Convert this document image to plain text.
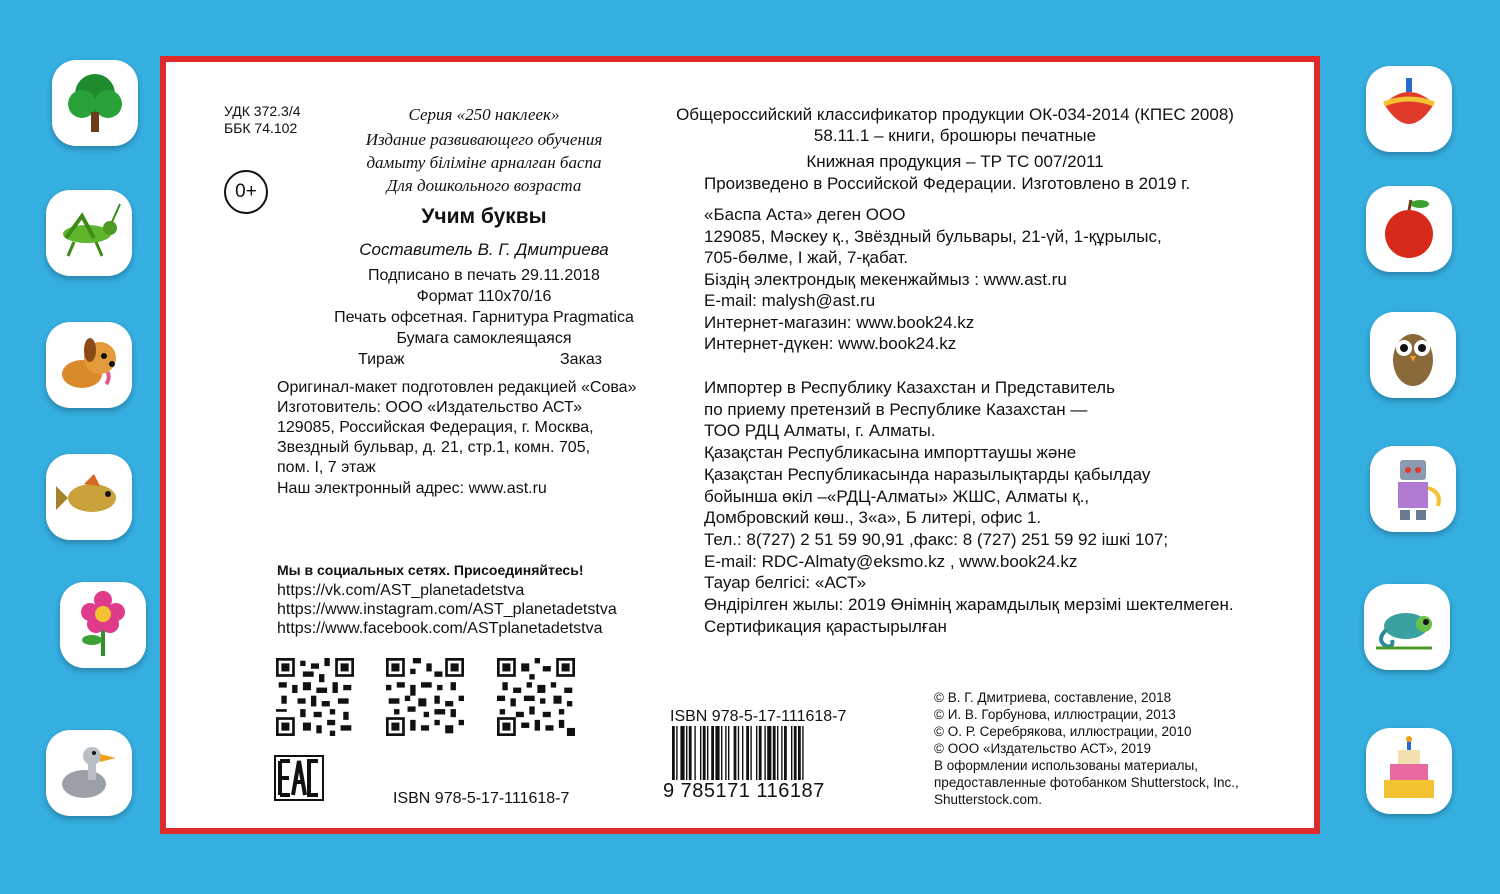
УДК 372.3/4
ББК 74.102
0+
Серия «250 наклеек»
Издание развивающего обучения
дамыту біліміне арналған баспа
Для дошкольного возраста
Учим буквы
Составитель В. Г. Дмитриева
Подписано в печать 29.11.2018
Формат 110х70/16
Печать офсетная. Гарнитура Pragmatica
Бумага самоклеящаяся
Тираж	Заказ
Оригинал-макет подготовлен редакцией «Сова»
Изготовитель: ООО «Издательство АСТ»
129085, Российская Федерация, г. Москва,
Звездный бульвар, д. 21, стр.1, комн. 705,
пом. I, 7 этаж
Наш электронный адрес: www.ast.ru
Мы в социальных сетях. Присоединяйтесь!
https://vk.com/AST_planetadetstva
https://www.instagram.com/AST_planetadetstva
https://www.facebook.com/ASTplanetadetstva
ISBN 978-5-17-111618-7
Общероссийский классификатор продукции ОК-034-2014 (КПЕС 2008)
58.11.1 – книги, брошюры печатные
Книжная продукция – ТР ТС 007/2011
Произведено в Российской Федерации. Изготовлено в 2019 г.
«Баспа Аста» деген ООО
129085, Мәскеу қ., Звёздный бульвары, 21-үй, 1-құрылыс,
705-бөлме, I жай, 7-қабат.
Біздің электрондық мекенжаймыз : www.ast.ru
E-mail: malysh@ast.ru
Интернет-магазин: www.book24.kz
Интернет-дүкен: www.book24.kz
Импортер в Республику Казахстан и Представитель
по приему претензий в Республике Казахстан —
ТОО РДЦ Алматы, г. Алматы.
Қазақстан Республикасына импорттаушы және
Қазақстан Республикасында наразылықтарды қабылдау
бойынша өкіл –«РДЦ-Алматы» ЖШС, Алматы қ.,
Домбровский көш., 3«а», Б литері, офис 1.
Тел.: 8(727) 2 51 59 90,91 ,факс: 8 (727) 251 59 92 ішкі 107;
E-mail: RDC-Almaty@eksmo.kz , www.book24.kz
Тауар белгісі: «АСТ»
Өндірілген жылы: 2019 Өнімнің жарамдылық мерзімі шектелмеген.
Сертификация қарастырылған
ISBN 978-5-17-111618-7
9 785171 116187
© В. Г. Дмитриева, составление, 2018
© И. В. Горбунова, иллюстрации, 2013
© О. Р. Серебрякова, иллюстрации, 2010
© ООО «Издательство АСТ», 2019
В оформлении использованы материалы,
предоставленные фотобанком Shutterstock, Inc.,
Shutterstock.com.
